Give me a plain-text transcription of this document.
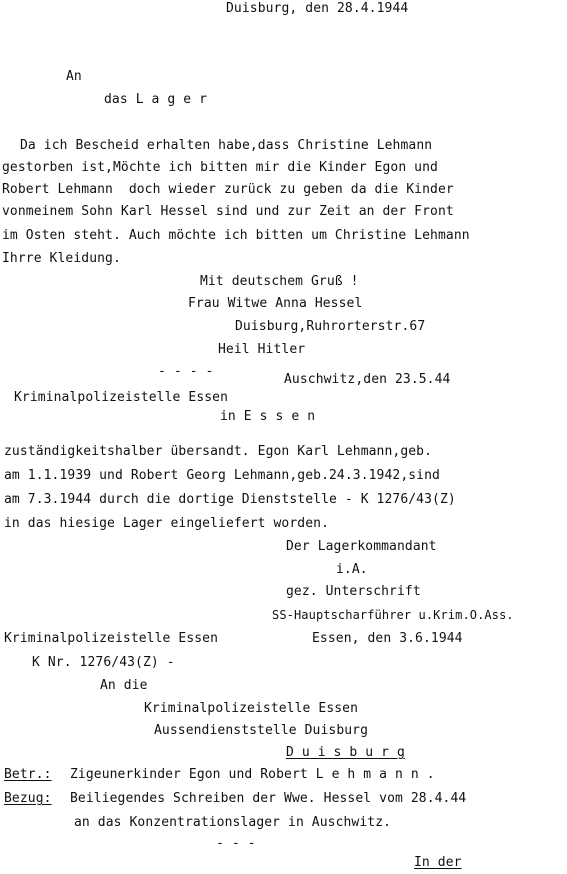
Duisburg, den 28.4.1944
An
das L a g e r
Da ich Bescheid erhalten habe,dass Christine Lehmann
gestorben ist,Möchte ich bitten mir die Kinder Egon und
Robert Lehmann  doch wieder zurück zu geben da die Kinder
vonmeinem Sohn Karl Hessel sind und zur Zeit an der Front
im Osten steht. Auch möchte ich bitten um Christine Lehmann
Ihrre Kleidung.
Mit deutschem Gruß !
Frau Witwe Anna Hessel
Duisburg,Ruhrorterstr.67
Heil Hitler
- - - -
Auschwitz,den 23.5.44
Kriminalpolizeistelle Essen
in E s s e n
zuständigkeitshalber übersandt. Egon Karl Lehmann,geb.
am 1.1.1939 und Robert Georg Lehmann,geb.24.3.1942,sind
am 7.3.1944 durch die dortige Dienststelle - K 1276/43(Z)
in das hiesige Lager eingeliefert worden.
Der Lagerkommandant
i.A.
gez. Unterschrift
SS-Hauptscharführer u.Krim.O.Ass.
Kriminalpolizeistelle Essen	Essen, den 3.6.1944
K Nr. 1276/43(Z) -
An die
Kriminalpolizeistelle Essen
Aussendienststelle Duisburg
D u i s b u r g
Betr.: Zigeunerkinder Egon und Robert L e h m a n n .
Bezug: Beiliegendes Schreiben der Wwe. Hessel vom 28.4.44
an das Konzentrationslager in Auschwitz.
- - -
In der
